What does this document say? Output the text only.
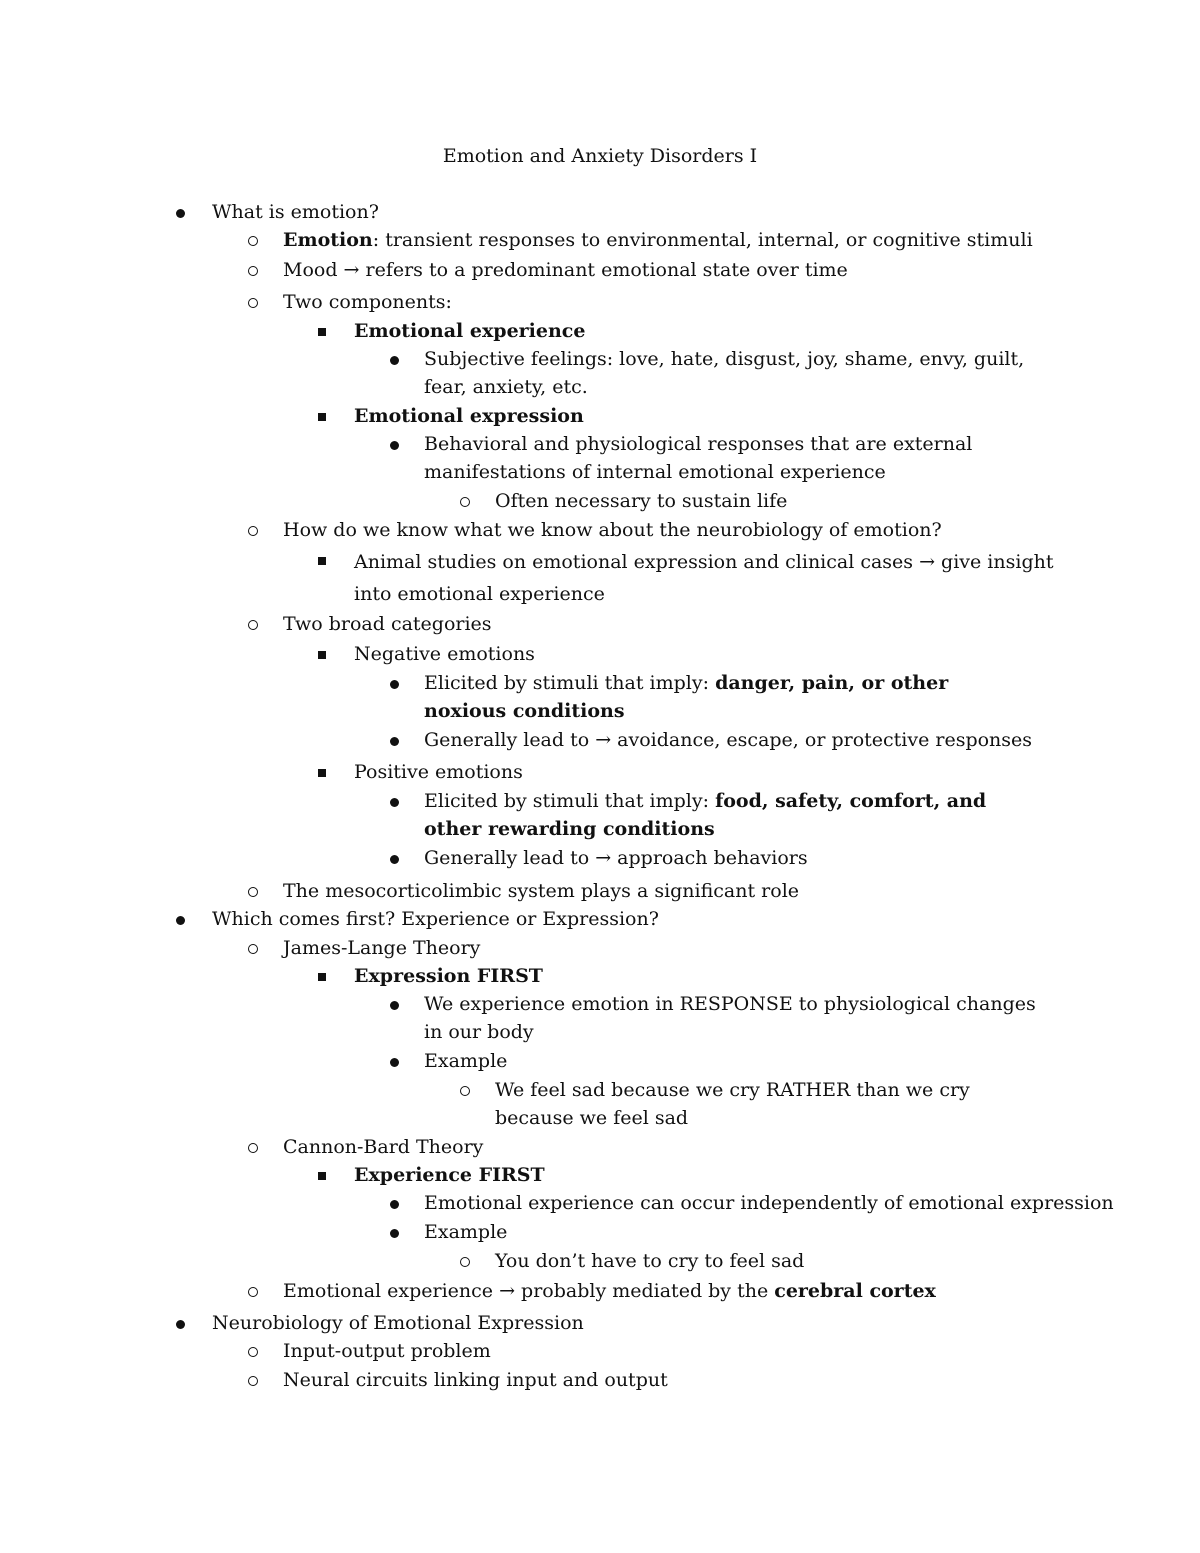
Emotion and Anxiety Disorders I
What is emotion?
Emotion: transient responses to environmental, internal, or cognitive stimuli
Mood → refers to a predominant emotional state over time
Two components:
Emotional experience
Subjective feelings: love, hate, disgust, joy, shame, envy, guilt, fear, anxiety, etc.
Emotional expression
Behavioral and physiological responses that are external manifestations of internal emotional experience
Often necessary to sustain life
How do we know what we know about the neurobiology of emotion?
Animal studies on emotional expression and clinical cases → give insight into emotional experience
Two broad categories
Negative emotions
Elicited by stimuli that imply: danger, pain, or other noxious conditions
Generally lead to → avoidance, escape, or protective responses
Positive emotions
Elicited by stimuli that imply: food, safety, comfort, and other rewarding conditions
Generally lead to → approach behaviors
The mesocorticolimbic system plays a significant role
Which comes first? Experience or Expression?
James-Lange Theory
Expression FIRST
We experience emotion in RESPONSE to physiological changes in our body
Example
We feel sad because we cry RATHER than we cry because we feel sad
Cannon-Bard Theory
Experience FIRST
Emotional experience can occur independently of emotional expression
Example
You don’t have to cry to feel sad
Emotional experience → probably mediated by the cerebral cortex
Neurobiology of Emotional Expression
Input-output problem
Neural circuits linking input and output
